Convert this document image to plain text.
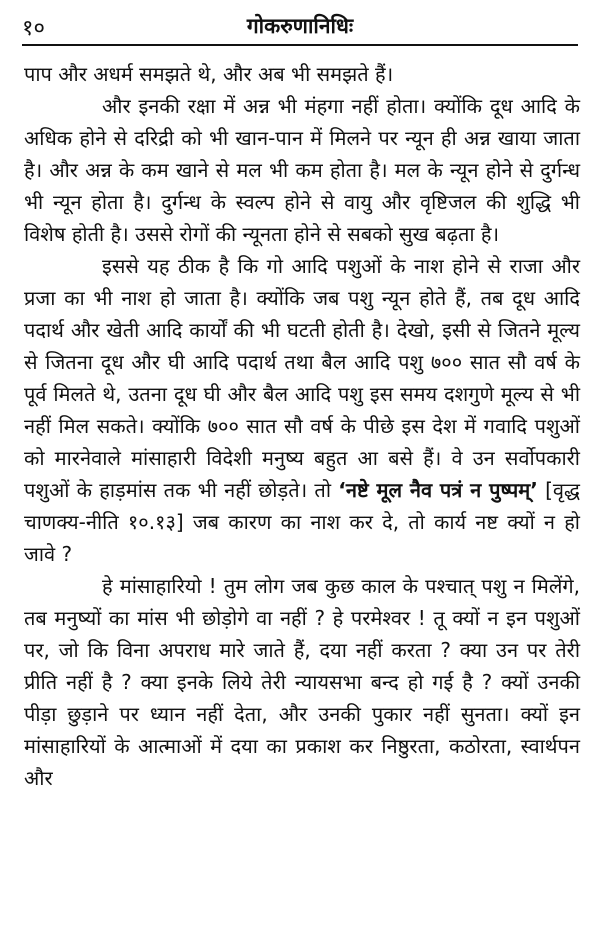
१०	गोकरुणानिधिः

पाप और अधर्म समझते थे, और अब भी समझते हैं।

और इनकी रक्षा में अन्न भी मंहगा नहीं होता। क्योंकि दूध आदि के अधिक होने से दरिद्री को भी खान-पान में मिलने पर न्यून ही अन्न खाया जाता है। और अन्न के कम खाने से मल भी कम होता है। मल के न्यून होने से दुर्गन्ध भी न्यून होता है। दुर्गन्ध के स्वल्प होने से वायु और वृष्टिजल की शुद्धि भी विशेष होती है। उससे रोगों की न्यूनता होने से सबको सुख बढ़ता है।

इससे यह ठीक है कि गो आदि पशुओं के नाश होने से राजा और प्रजा का भी नाश हो जाता है। क्योंकि जब पशु न्यून होते हैं, तब दूध आदि पदार्थ और खेती आदि कार्यों की भी घटती होती है। देखो, इसी से जितने मूल्य से जितना दूध और घी आदि पदार्थ तथा बैल आदि पशु ७०० सात सौ वर्ष के पूर्व मिलते थे, उतना दूध घी और बैल आदि पशु इस समय दशगुणे मूल्य से भी नहीं मिल सकते। क्योंकि ७०० सात सौ वर्ष के पीछे इस देश में गवादि पशुओं को मारनेवाले मांसाहारी विदेशी मनुष्य बहुत आ बसे हैं। वे उन सर्वोपकारी पशुओं के हाड़मांस तक भी नहीं छोड़ते। तो ‘नष्टे मूल नैव पत्रं न पुष्पम्’ [वृद्ध चाणक्य-नीति १०.१३] जब कारण का नाश कर दे, तो कार्य नष्ट क्यों न हो जावे ?

हे मांसाहारियो ! तुम लोग जब कुछ काल के पश्चात् पशु न मिलेंगे, तब मनुष्यों का मांस भी छोड़ोगे वा नहीं ? हे परमेश्वर ! तू क्यों न इन पशुओं पर, जो कि विना अपराध मारे जाते हैं, दया नहीं करता ? क्या उन पर तेरी प्रीति नहीं है ? क्या इनके लिये तेरी न्यायसभा बन्द हो गई है ? क्यों उनकी पीड़ा छुड़ाने पर ध्यान नहीं देता, और उनकी पुकार नहीं सुनता। क्यों इन मांसाहारियों के आत्माओं में दया का प्रकाश कर निष्ठुरता, कठोरता, स्वार्थपन और
